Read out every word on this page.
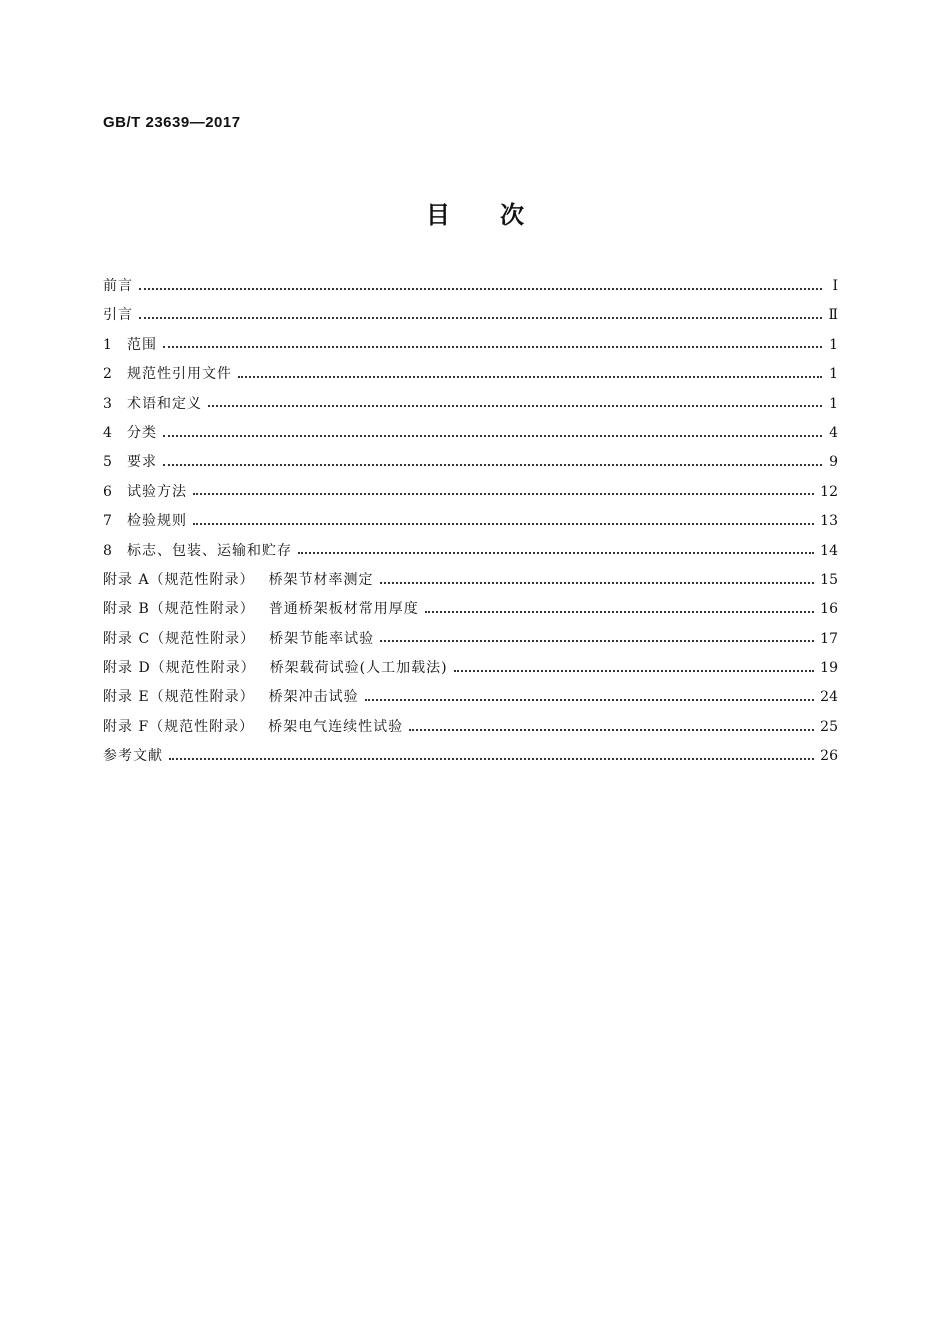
GB/T 23639—2017
目次
前言	Ⅰ
引言	Ⅱ
1	范围	1
2	规范性引用文件	1
3	术语和定义	1
4	分类	4
5	要求	9
6	试验方法	12
7	检验规则	13
8	标志、包装、运输和贮存	14
附录 A（规范性附录） 桥架节材率测定	15
附录 B（规范性附录） 普通桥架板材常用厚度	16
附录 C（规范性附录） 桥架节能率试验	17
附录 D（规范性附录） 桥架载荷试验(人工加载法)	19
附录 E（规范性附录） 桥架冲击试验	24
附录 F（规范性附录） 桥架电气连续性试验	25
参考文献	26
